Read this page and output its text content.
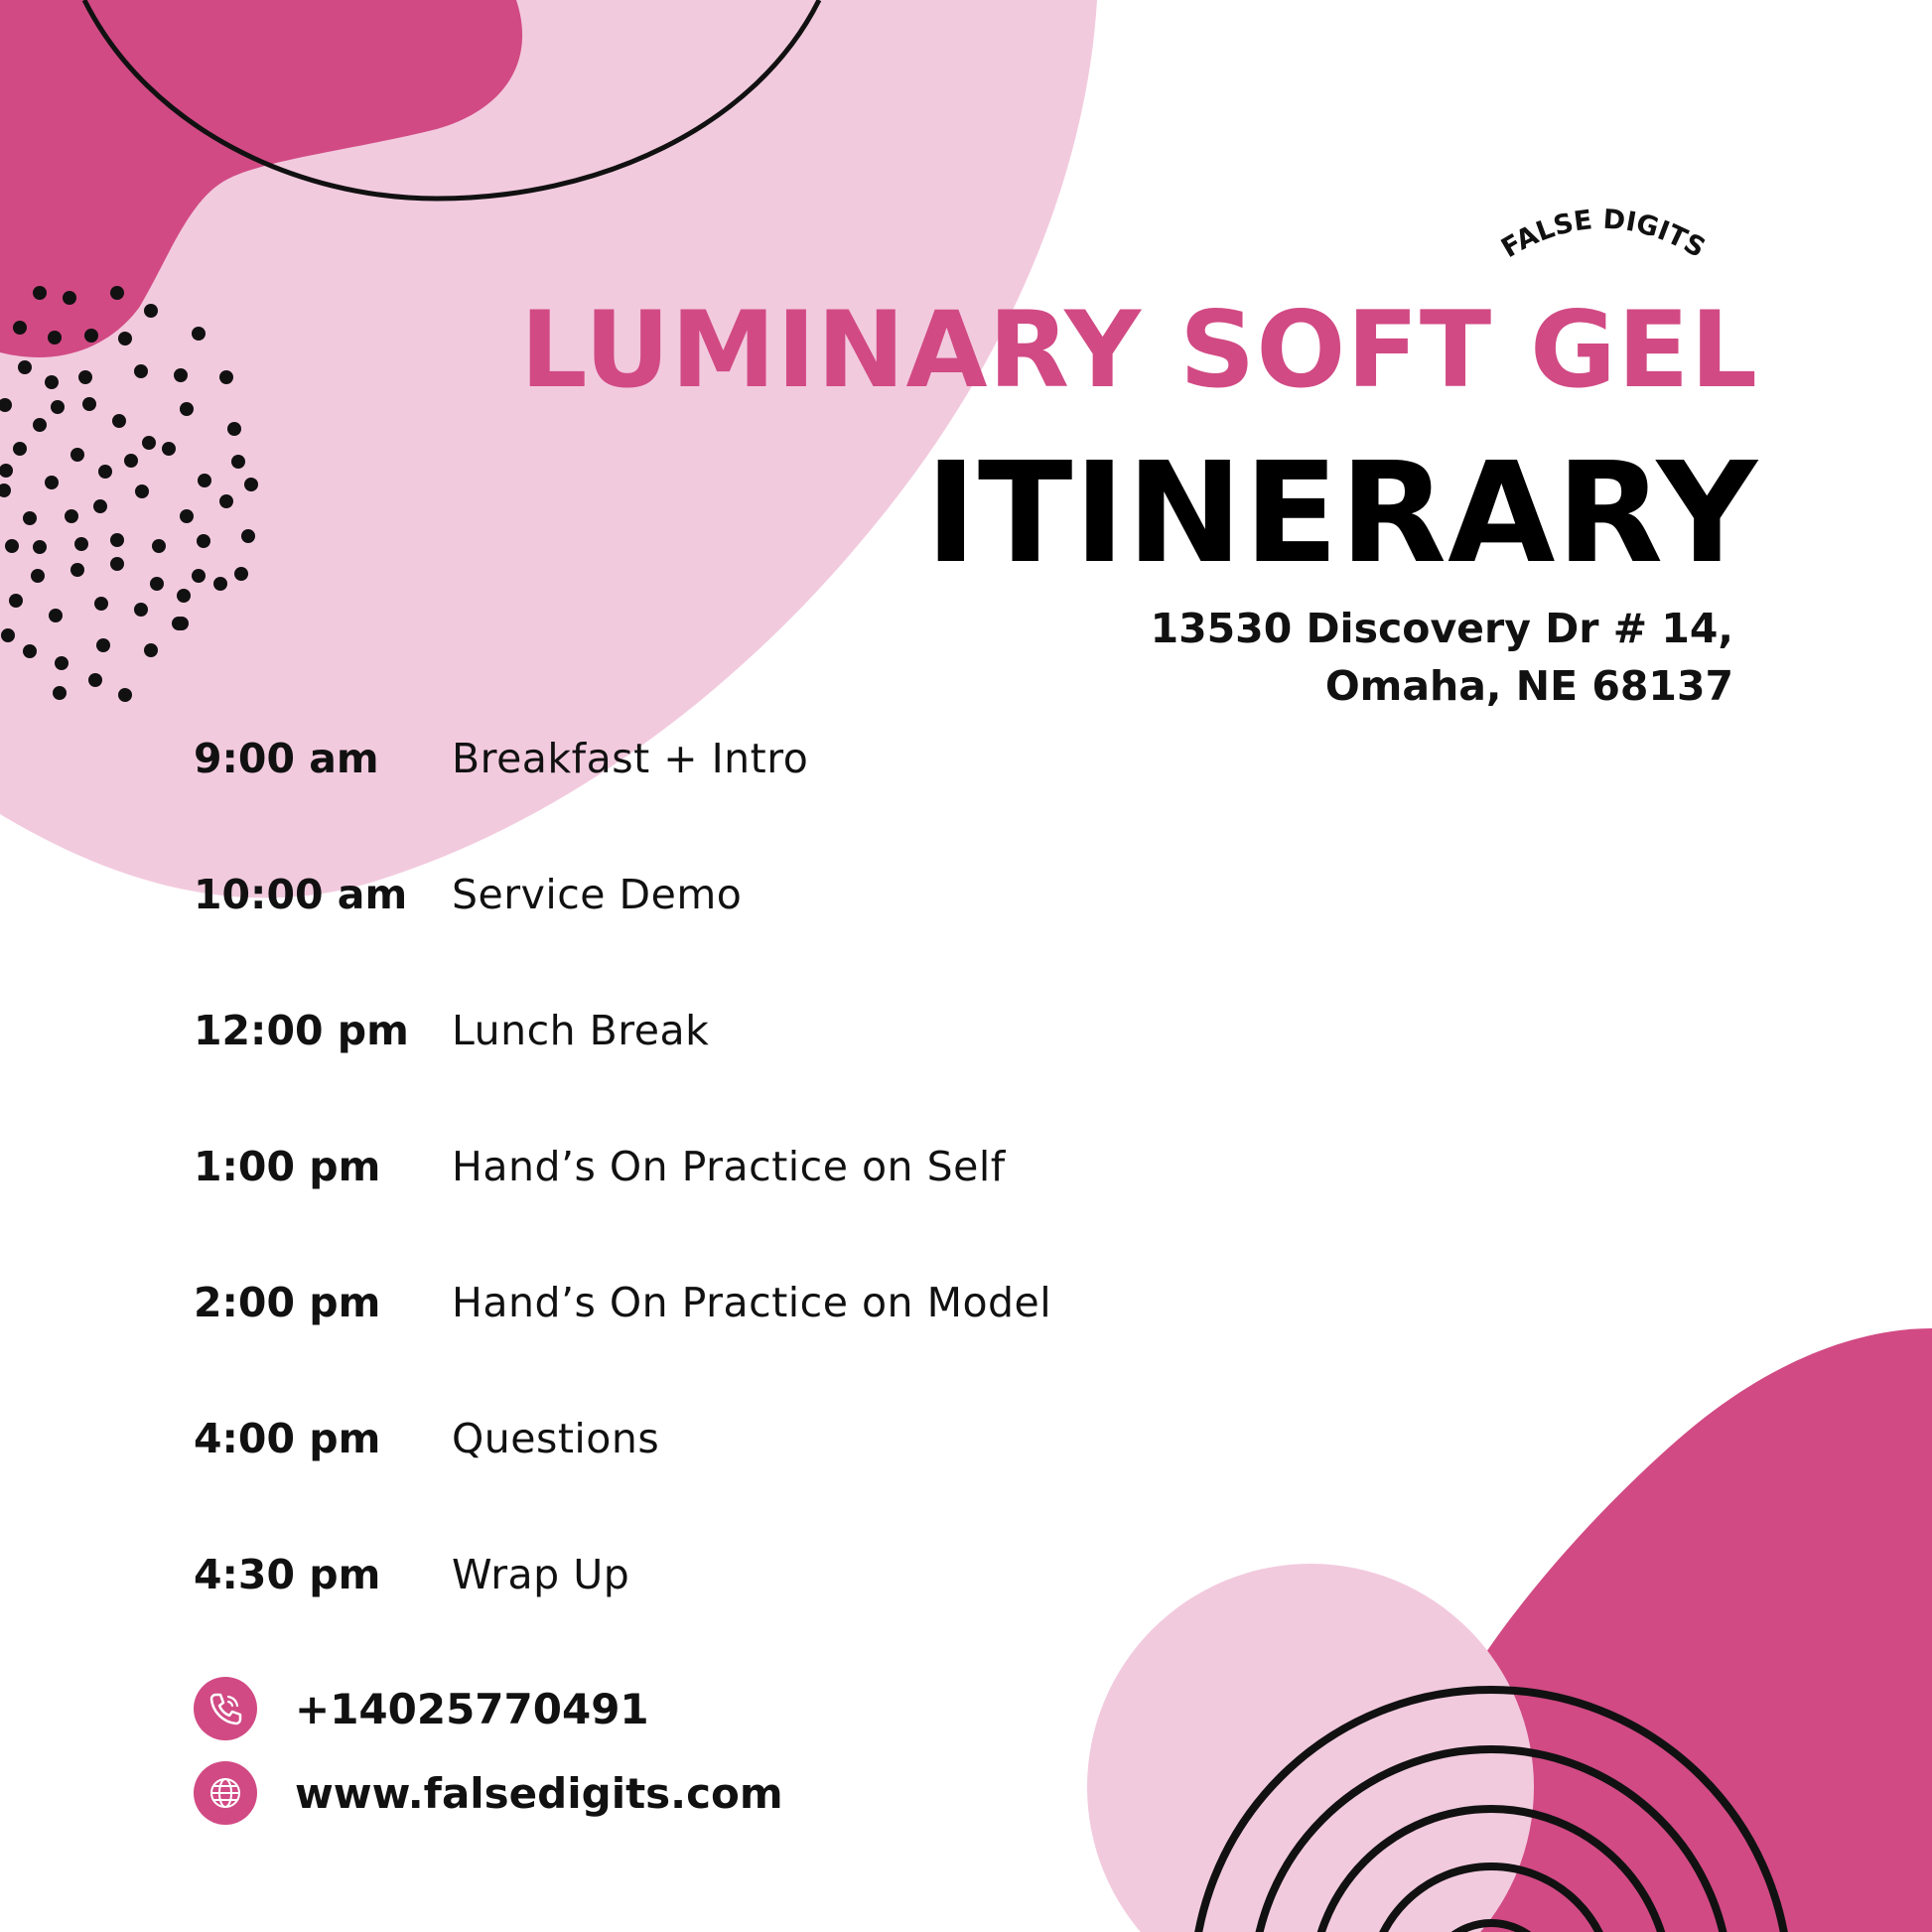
FALSE DIGITS
LUMINARY SOFT GEL
ITINERARY
13530 Discovery Dr # 14,
Omaha, NE 68137
9:00 am Breakfast + Intro
10:00 am Service Demo
12:00 pm Lunch Break
1:00 pm Hand’s On Practice on Self
2:00 pm Hand’s On Practice on Model
4:00 pm Questions
4:30 pm Wrap Up
+14025770491
www.falsedigits.com
